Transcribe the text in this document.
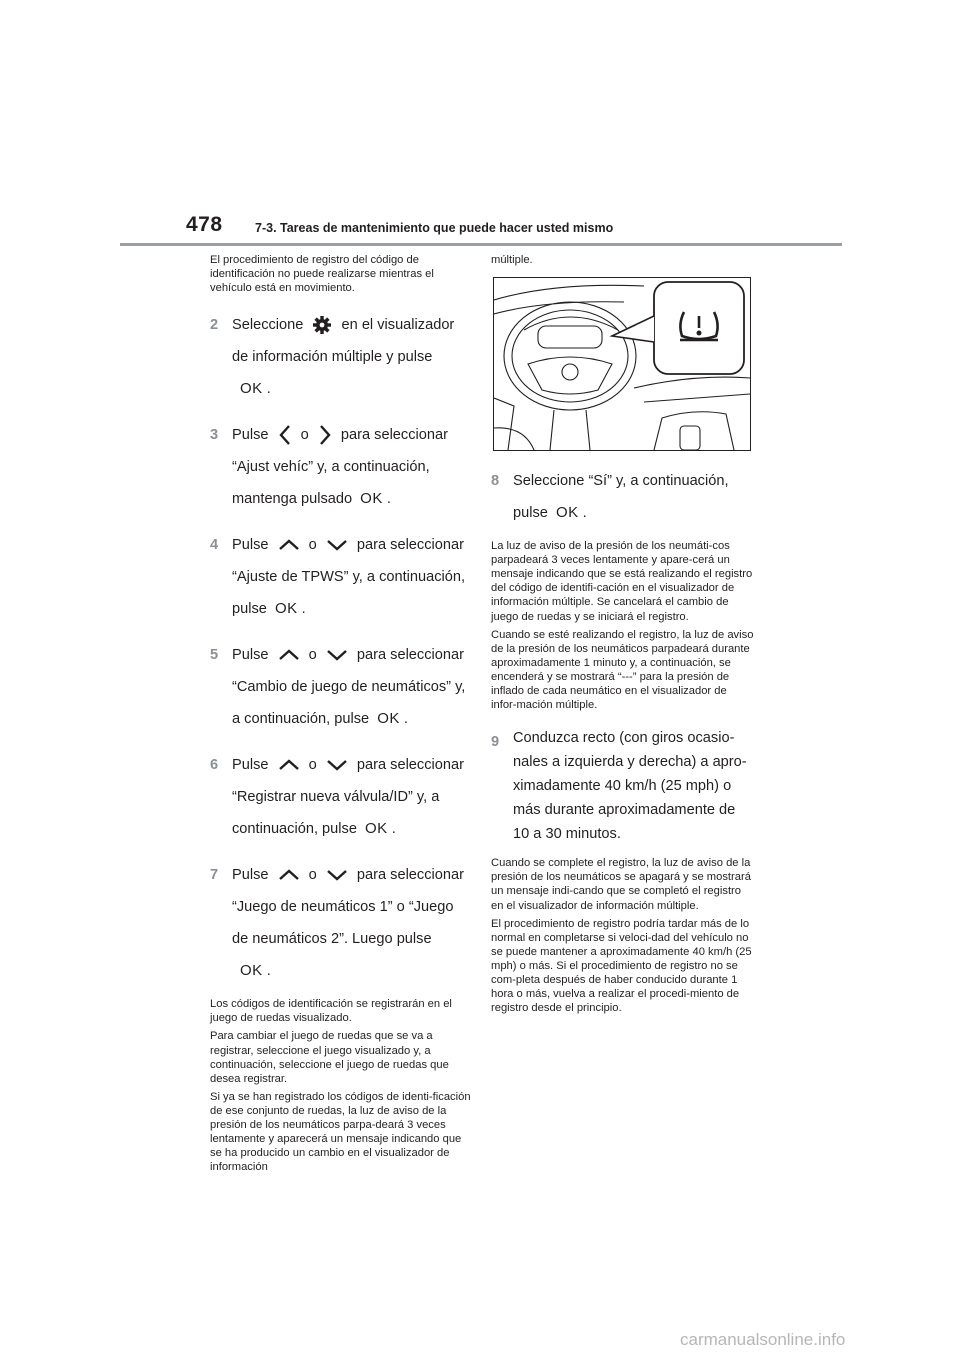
478	7-3. Tareas de mantenimiento que puede hacer usted mismo

El procedimiento de registro del código de identificación no puede realizarse mientras el vehículo está en movimiento.

2 Seleccione	en el visualizador de información múltiple y pulse
OK .

3 Pulse o para seleccionar “Ajust vehíc” y, a continuación, mantenga pulsado OK .

4 Pulse	o	para seleccionar “Ajuste de TPWS” y, a continuación, pulse OK .

5 Pulse	o	para seleccionar “Cambio de juego de neumáticos” y, a continuación, pulse OK .

6 Pulse	o	para seleccionar “Registrar nueva válvula/ID” y, a continuación, pulse OK .

7 Pulse	o	para seleccionar “Juego de neumáticos 1” o “Juego de neumáticos 2”. Luego pulse
OK .

Los códigos de identificación se registrarán en el juego de ruedas visualizado.

Para cambiar el juego de ruedas que se va a registrar, seleccione el juego visualizado y, a continuación, seleccione el juego de ruedas que desea registrar.

Si ya se han registrado los códigos de identi-ficación de ese conjunto de ruedas, la luz de aviso de la presión de los neumáticos parpa-deará 3 veces lentamente y aparecerá un mensaje indicando que se ha producido un cambio en el visualizador de información

múltiple.

8 Seleccione “Sí” y, a continuación, pulse OK .

La luz de aviso de la presión de los neumáti-cos parpadeará 3 veces lentamente y apare-cerá un mensaje indicando que se está realizando el registro del código de identifi-cación en el visualizador de información múltiple. Se cancelará el cambio de juego de ruedas y se iniciará el registro.

Cuando se esté realizando el registro, la luz de aviso de la presión de los neumáticos parpadeará durante aproximadamente 1 minuto y, a continuación, se encenderá y se mostrará “---” para la presión de inflado de cada neumático en el visualizador de infor-mación múltiple.

9 Conduzca recto (con giros ocasio-nales a izquierda y derecha) a apro-ximadamente 40 km/h (25 mph) o más durante aproximadamente de 10 a 30 minutos.

Cuando se complete el registro, la luz de aviso de la presión de los neumáticos se apagará y se mostrará un mensaje indi-cando que se completó el registro en el visualizador de información múltiple.

El procedimiento de registro podría tardar más de lo normal en completarse si veloci-dad del vehículo no se puede mantener a aproximadamente 40 km/h (25 mph) o más. Si el procedimiento de registro no se com-pleta después de haber conducido durante 1 hora o más, vuelva a realizar el procedi-miento de registro desde el principio.

carmanualsonline.info
